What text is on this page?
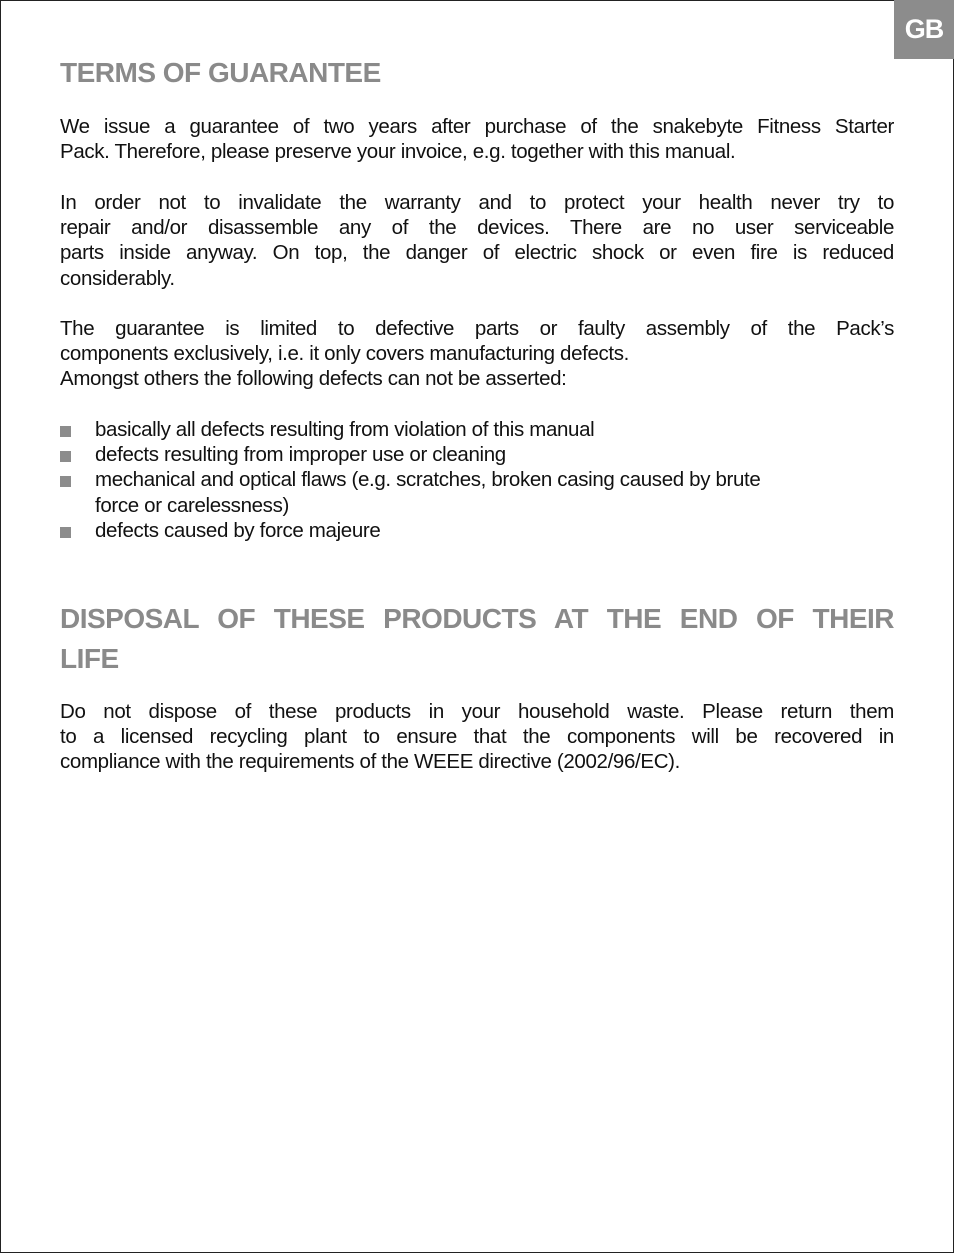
GB
TERMS OF GUARANTEE
We issue a guarantee of two years after purchase of the snakebyte Fitness Starter
Pack. Therefore, please preserve your invoice, e.g. together with this manual.
In order not to invalidate the warranty and to protect your health never try to
repair and/or disassemble any of the devices. There are no user serviceable
parts inside anyway. On top, the danger of electric shock or even fire is reduced
considerably.
The guarantee is limited to defective parts or faulty assembly of the Pack’s
components exclusively, i.e. it only covers manufacturing defects.
Amongst others the following defects can not be asserted:
basically all defects resulting from violation of this manual
defects resulting from improper use or cleaning
mechanical and optical flaws (e.g. scratches, broken casing caused by brute
force or carelessness)
defects caused by force majeure
DISPOSAL OF THESE PRODUCTS AT THE END OF THEIR
LIFE
Do not dispose of these products in your household waste. Please return them
to a licensed recycling plant to ensure that the components will be recovered in
compliance with the requirements of the WEEE directive (2002/96/EC).
